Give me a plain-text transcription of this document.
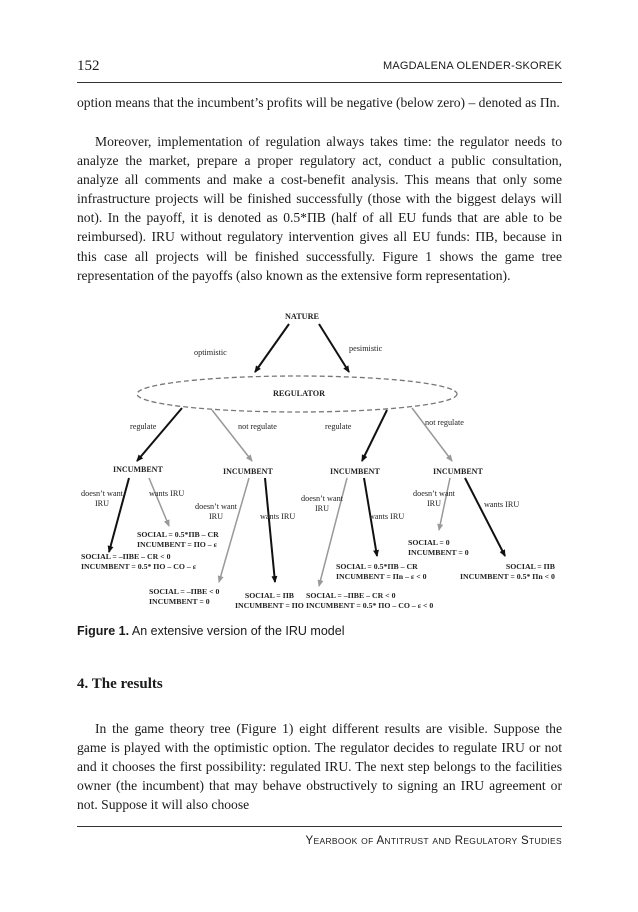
152	MAGDALENA OLENDER-SKOREK

option means that the incumbent’s profits will be negative (below zero) – denoted as Πn.

Moreover, implementation of regulation always takes time: the regulator needs to analyze the market, prepare a proper regulatory act, conduct a public consultation, analyze all comments and make a cost-benefit analysis. This means that only some infrastructure projects will be finished successfully (those with the biggest delays will not). In the payoff, it is denoted as 0.5*ΠB (half of all EU funds that are able to be reimbursed). IRU without regulatory intervention gives all EU funds: ΠB, because in this case all projects will be finished successfully. Figure 1 shows the game tree representation of the payoffs (also known as the extensive form representation).

NATURE
optimistic	pesimistic
REGULATOR
regulate	not regulate	regulate	not regulate
INCUMBENT	INCUMBENT	INCUMBENT	INCUMBENT
doesn’t want IRU
wants IRU
doesn’t want IRU	wants IRU
doesn’t want IRU
wants IRU
doesn’t want IRU	wants IRU
SOCIAL = 0.5*ΠB – CR
INCUMBENT = ΠO – ε
SOCIAL = –ΠBE – CR < 0
INCUMBENT = 0.5* ΠO – CO – ε
SOCIAL = –ΠBE < 0
INCUMBENT = 0
SOCIAL = ΠB
INCUMBENT = ΠO
SOCIAL = –ΠBE – CR < 0
INCUMBENT = 0.5* ΠO – CO – ε < 0
SOCIAL = 0.5*ΠB – CR
INCUMBENT = Πn – ε < 0
SOCIAL = 0
INCUMBENT = 0
SOCIAL = ΠB
INCUMBENT = 0.5* Πn < 0
Figure 1. An extensive version of the IRU model
4. The results

In the game theory tree (Figure 1) eight different results are visible. Suppose the game is played with the optimistic option. The regulator decides to regulate IRU or not and it chooses the first possibility: regulated IRU. The next step belongs to the facilities owner (the incumbent) that may behave obstructively to signing an IRU agreement or not. Suppose it will also choose

YEARBOOK OF ANTITRUST AND REGULATORY STUDIES
